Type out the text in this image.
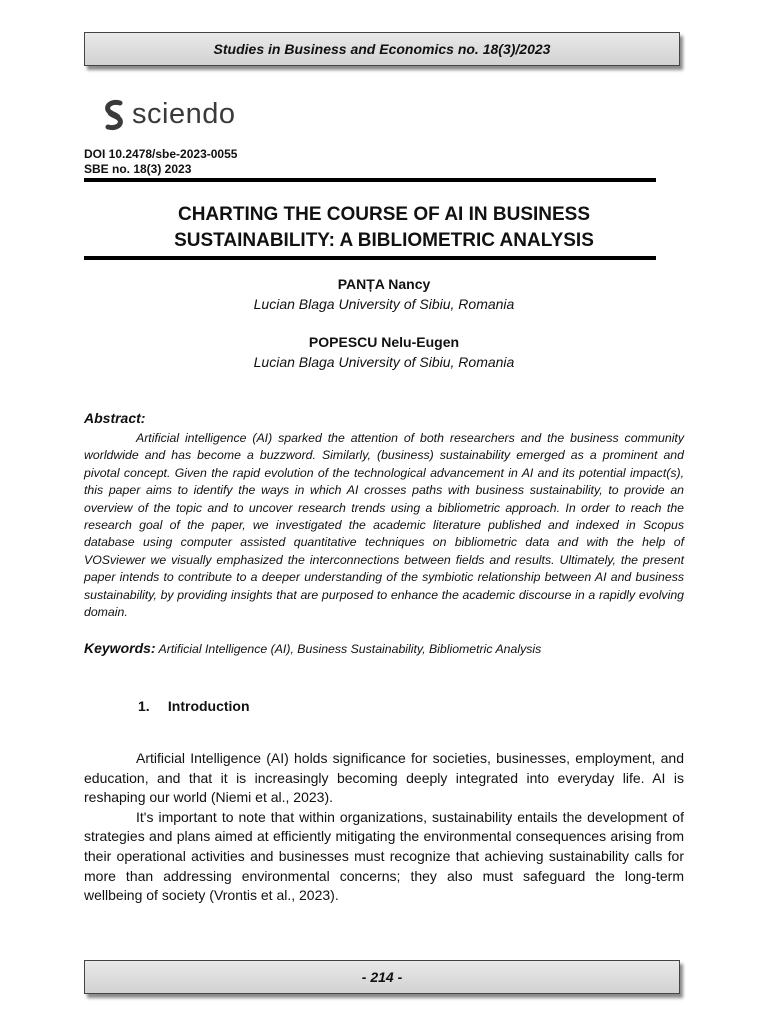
Studies in Business and Economics no. 18(3)/2023
sciendo
DOI 10.2478/sbe-2023-0055
SBE no. 18(3) 2023
CHARTING THE COURSE OF AI IN BUSINESS
SUSTAINABILITY: A BIBLIOMETRIC ANALYSIS
PANȚA Nancy
Lucian Blaga University of Sibiu, Romania
POPESCU Nelu-Eugen
Lucian Blaga University of Sibiu, Romania
Abstract:

Artificial intelligence (AI) sparked the attention of both researchers and the business community worldwide and has become a buzzword. Similarly, (business) sustainability emerged as a prominent and pivotal concept. Given the rapid evolution of the technological advancement in AI and its potential impact(s), this paper aims to identify the ways in which AI crosses paths with business sustainability, to provide an overview of the topic and to uncover research trends using a bibliometric approach. In order to reach the research goal of the paper, we investigated the academic literature published and indexed in Scopus database using computer assisted quantitative techniques on bibliometric data and with the help of VOSviewer we visually emphasized the interconnections between fields and results. Ultimately, the present paper intends to contribute to a deeper understanding of the symbiotic relationship between AI and business sustainability, by providing insights that are purposed to enhance the academic discourse in a rapidly evolving domain.

Keywords: Artificial Intelligence (AI), Business Sustainability, Bibliometric Analysis
1. Introduction

Artificial Intelligence (AI) holds significance for societies, businesses, employment, and education, and that it is increasingly becoming deeply integrated into everyday life. AI is reshaping our world (Niemi et al., 2023).

It's important to note that within organizations, sustainability entails the development of strategies and plans aimed at efficiently mitigating the environmental consequences arising from their operational activities and businesses must recognize that achieving sustainability calls for more than addressing environmental concerns; they also must safeguard the long-term wellbeing of society (Vrontis et al., 2023).

- 214 -
